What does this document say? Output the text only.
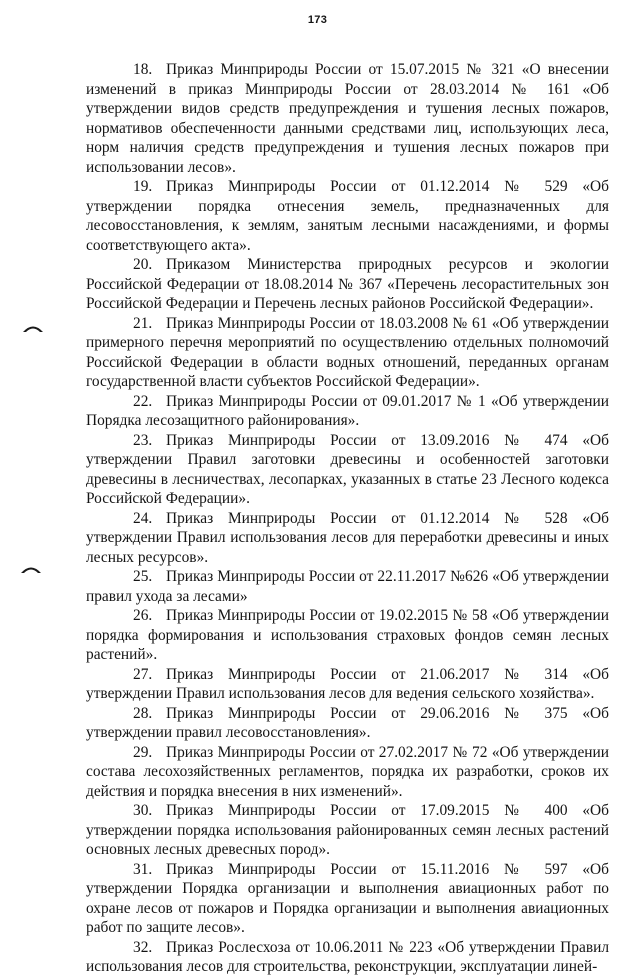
173

18. Приказ Минприроды России от 15.07.2015 № 321 «О внесении изменений в приказ Минприроды России от 28.03.2014 № 161 «Об утверждении видов средств предупреждения и тушения лесных пожаров, нормативов обеспеченности данными средствами лиц, использующих леса, норм наличия средств предупреждения и тушения лесных пожаров при использовании лесов».

19. Приказ Минприроды России от 01.12.2014 № 529 «Об утверждении порядка отнесения земель, предназначенных для лесовосстановления, к землям, занятым лесными насаждениями, и формы соответствующего акта».

20. Приказом Министерства природных ресурсов и экологии Российской Федерации от 18.08.2014 № 367 «Перечень лесорастительных зон Российской Федерации и Перечень лесных районов Российской Федерации».

21. Приказ Минприроды России от 18.03.2008 № 61 «Об утверждении примерного перечня мероприятий по осуществлению отдельных полномочий Российской Федерации в области водных отношений, переданных органам государственной власти субъектов Российской Федерации».

22. Приказ Минприроды России от 09.01.2017 № 1 «Об утверждении Порядка лесозащитного районирования».

23. Приказ Минприроды России от 13.09.2016 № 474 «Об утверждении Правил заготовки древесины и особенностей заготовки древесины в лесничествах, лесопарках, указанных в статье 23 Лесного кодекса Российской Федерации».

24. Приказ Минприроды России от 01.12.2014 № 528 «Об утверждении Правил использования лесов для переработки древесины и иных лесных ресурсов».

25. Приказ Минприроды России от 22.11.2017 №626 «Об утверждении правил ухода за лесами»

26. Приказ Минприроды России от 19.02.2015 № 58 «Об утверждении порядка формирования и использования страховых фондов семян лесных растений».

27. Приказ Минприроды России от 21.06.2017 № 314 «Об утверждении Правил использования лесов для ведения сельского хозяйства».

28. Приказ Минприроды России от 29.06.2016 № 375 «Об утверждении правил лесовосстановления».

29. Приказ Минприроды России от 27.02.2017 № 72 «Об утверждении состава лесохозяйственных регламентов, порядка их разработки, сроков их действия и порядка внесения в них изменений».

30. Приказ Минприроды России от 17.09.2015 № 400 «Об утверждении порядка использования районированных семян лесных растений основных лесных древесных пород».

31. Приказ Минприроды России от 15.11.2016 № 597 «Об утверждении Порядка организации и выполнения авиационных работ по охране лесов от пожаров и Порядка организации и выполнения авиационных работ по защите лесов».

32. Приказ Рослесхоза от 10.06.2011 № 223 «Об утверждении Правил использования лесов для строительства, реконструкции, эксплуатации линей-
